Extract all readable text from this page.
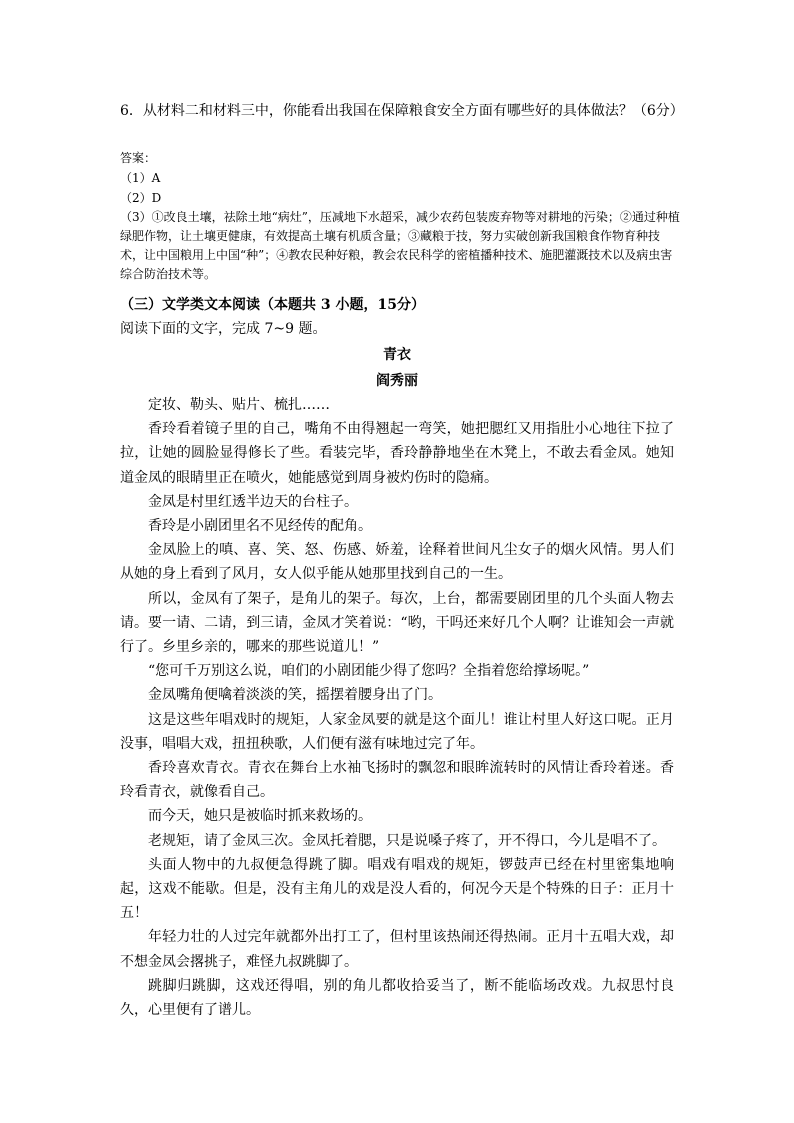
6．从材料二和材料三中，你能看出我国在保障粮食安全方面有哪些好的具体做法？（6分）
答案：
（1）A
（2）D
（3）①改良土壤，祛除土地“病灶”，压减地下水超采，减少农药包装废弃物等对耕地的污染；②通过种植绿肥作物，让土壤更健康，有效提高土壤有机质含量；③藏粮于技，努力实破创新我国粮食作物育种技术，让中国粮用上中国“种”；④教农民种好粮，教会农民科学的密植播种技术、施肥灌溉技术以及病虫害综合防治技术等。
（三）文学类文本阅读（本题共 3 小题，15分）
阅读下面的文字，完成 7~9 题。
青衣
阎秀丽

定妆、勒头、贴片、梳扎……

香玲看着镜子里的自己，嘴角不由得翘起一弯笑，她把腮红又用指肚小心地往下拉了拉，让她的圆脸显得修长了些。看装完毕，香玲静静地坐在木凳上，不敢去看金凤。她知道金凤的眼睛里正在喷火，她能感觉到周身被灼伤时的隐痛。

金凤是村里红透半边天的台柱子。

香玲是小剧团里名不见经传的配角。

金凤脸上的嗔、喜、笑、怒、伤感、娇羞，诠释着世间凡尘女子的烟火风情。男人们从她的身上看到了风月，女人似乎能从她那里找到自己的一生。

所以，金凤有了架子，是角儿的架子。每次，上台，都需要剧团里的几个头面人物去请。要一请、二请，到三请，金凤才笑着说：“哟，干吗还来好几个人啊？让谁知会一声就行了。乡里乡亲的，哪来的那些说道儿！”

“您可千万别这么说，咱们的小剧团能少得了您吗？全指着您给撑场呢。”

金凤嘴角便噙着淡淡的笑，摇摆着腰身出了门。

这是这些年唱戏时的规矩，人家金凤要的就是这个面儿！谁让村里人好这口呢。正月没事，唱唱大戏，扭扭秧歌，人们便有滋有味地过完了年。

香玲喜欢青衣。青衣在舞台上水袖飞扬时的飘忽和眼眸流转时的风情让香玲着迷。香玲看青衣，就像看自己。

而今天，她只是被临时抓来救场的。

老规矩，请了金凤三次。金凤托着腮，只是说嗓子疼了，开不得口，今儿是唱不了。

头面人物中的九叔便急得跳了脚。唱戏有唱戏的规矩，锣鼓声已经在村里密集地响起，这戏不能歇。但是，没有主角儿的戏是没人看的，何况今天是个特殊的日子：正月十五！

年轻力壮的人过完年就都外出打工了，但村里该热闹还得热闹。正月十五唱大戏，却不想金凤会撂挑子，难怪九叔跳脚了。

跳脚归跳脚，这戏还得唱，别的角儿都收拾妥当了，断不能临场改戏。九叔思忖良久，心里便有了谱儿。
